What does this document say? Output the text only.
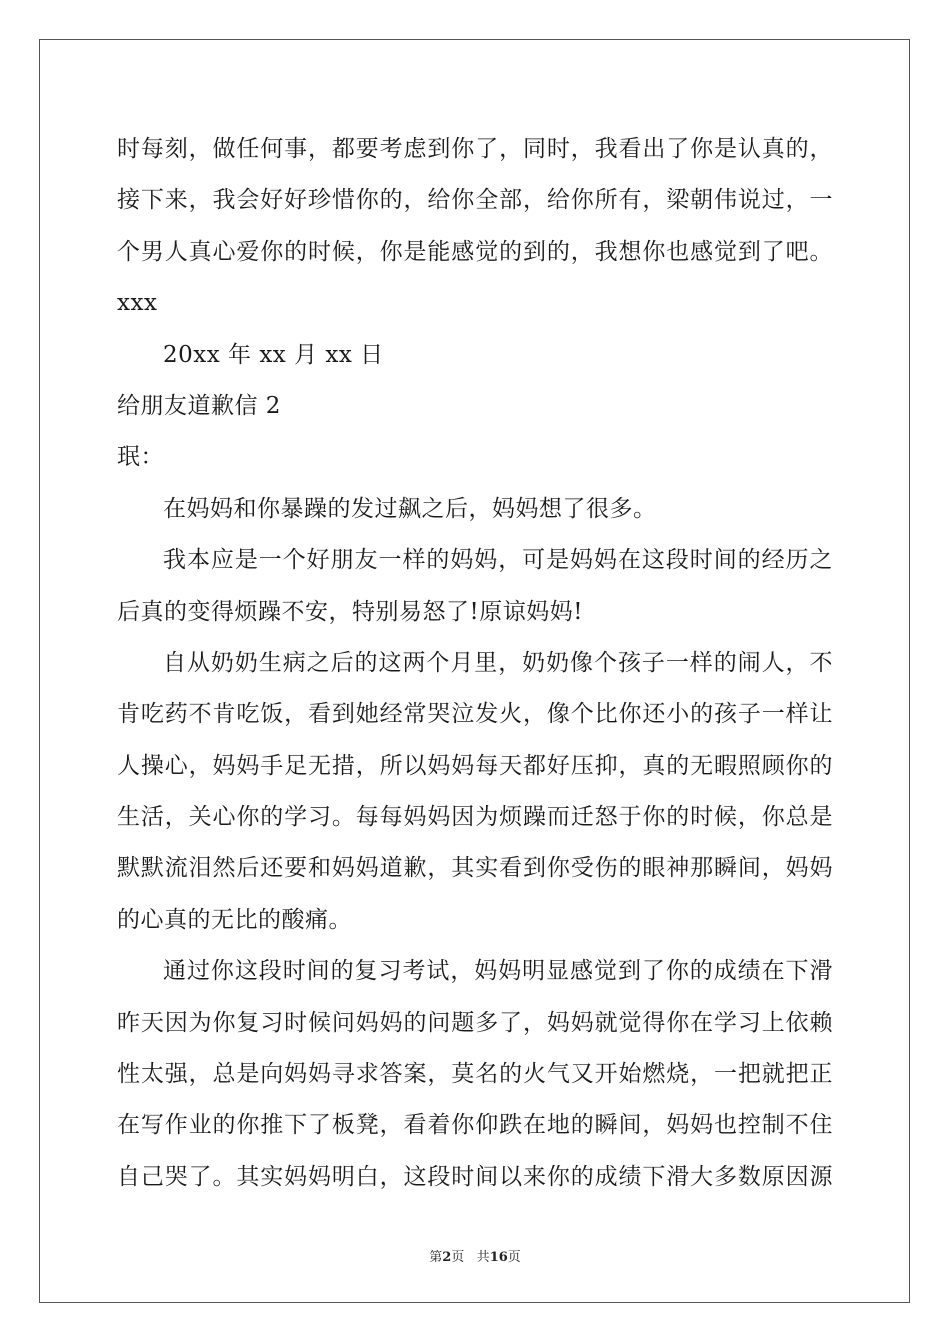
时每刻，做任何事，都要考虑到你了，同时，我看出了你是认真的，
接下来，我会好好珍惜你的，给你全部，给你所有，梁朝伟说过，一
个男人真心爱你的时候，你是能感觉的到的，我想你也感觉到了吧。
xxx
20xx 年 xx 月 xx 日
给朋友道歉信 2
珉：
在妈妈和你暴躁的发过飙之后，妈妈想了很多。
我本应是一个好朋友一样的妈妈，可是妈妈在这段时间的经历之
后真的变得烦躁不安，特别易怒了!原谅妈妈!
自从奶奶生病之后的这两个月里，奶奶像个孩子一样的闹人，不
肯吃药不肯吃饭，看到她经常哭泣发火，像个比你还小的孩子一样让
人操心，妈妈手足无措，所以妈妈每天都好压抑，真的无暇照顾你的
生活，关心你的学习。每每妈妈因为烦躁而迁怒于你的时候，你总是
默默流泪然后还要和妈妈道歉，其实看到你受伤的眼神那瞬间，妈妈
的心真的无比的酸痛。
通过你这段时间的复习考试，妈妈明显感觉到了你的成绩在下滑
昨天因为你复习时候问妈妈的问题多了，妈妈就觉得你在学习上依赖
性太强，总是向妈妈寻求答案，莫名的火气又开始燃烧，一把就把正
在写作业的你推下了板凳，看着你仰跌在地的瞬间，妈妈也控制不住
自己哭了。其实妈妈明白，这段时间以来你的成绩下滑大多数原因源
第2页 共16页
